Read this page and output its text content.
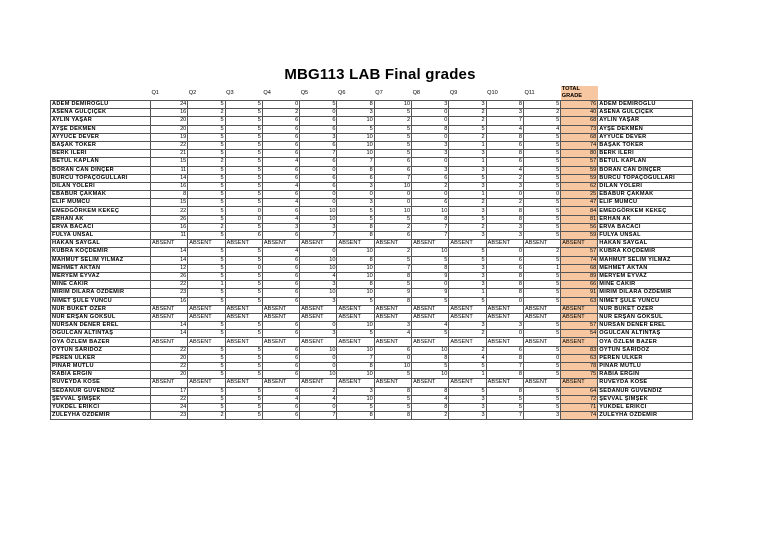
MBG113 LAB Final grades
	Q1	Q2	Q3	Q4	Q5	Q6	Q7	Q8	Q9	Q10	Q11	TOTAL GRADE	
ADEM DEMIROGLU	24	5	5	0	5	8	10	3	3	8	5	76	ADEM DEMIROGLU
ASENA GÜLÇİÇEK	16	2	5	2	0	3	5	0	2	3	2	40	ASENA GÜLÇİÇEK
AYLİN YAŞAR	20	5	5	6	6	10	2	0	2	7	5	68	AYLİN YAŞAR
AYŞE DEKMEN	20	5	5	6	6	5	5	8	5	4	4	73	AYŞE DEKMEN
AYYÜCE DEVER	19	5	5	6	3	10	5	0	2	8	5	68	AYYÜCE DEVER
BAŞAK TOKER	22	5	5	6	6	10	5	3	1	6	5	74	BAŞAK TOKER
BERK İLERİ	21	5	5	6	7	10	5	3	3	8	5	80	BERK İLERİ
BETÜL KAPLAN	15	2	5	4	6	7	6	0	1	6	5	57	BETÜL KAPLAN
BORAN CAN DİNÇER	11	5	5	6	0	8	6	3	3	4	5	59	BORAN CAN DİNÇER
BURCU TOPAÇOGULLARI	14	5	5	6	6	6	7	6	5	2	5	59	BURCU TOPAÇOGULLARI
DİLAN YOLERİ	16	5	5	4	6	3	10	2	3	3	5	62	DİLAN YOLERİ
EBABUR ÇAKMAK	8	5	5	6	0	0	0	0	1	0	0	25	EBABUR ÇAKMAK
ELİF MUMCU	15	5	5	4	0	3	0	6	2	2	5	47	ELİF MUMCU
EMEDGÖRKEM KEKEÇ	22	5	0	6	10	5	10	10	3	8	5	84	EMEDGÖRKEM KEKEÇ
ERHAN AK	26	5	0	4	10	5	5	8	5	8	5	81	ERHAN AK
ERVA BACACI	16	2	5	3	3	8	2	7	2	3	5	56	ERVA BACACI
FULYA ÜNSAL	11	5	6	6	7	8	6	7	3	3	5	59	FULYA ÜNSAL
HAKAN SAYGAL	ABSENT	ABSENT	ABSENT	ABSENT	ABSENT	ABSENT	ABSENT	ABSENT	ABSENT	ABSENT	ABSENT	ABSENT	HAKAN SAYGAL
KÜBRA KOÇDEMİR	14	5	5	4	0	10	2	10	5	0	2	57	KÜBRA KOÇDEMİR
MAHMUT SELİM YILMAZ	14	5	5	6	10	8	5	5	5	6	5	74	MAHMUT SELİM YILMAZ
MEHMET AKTAN	12	5	0	6	10	10	7	8	3	6	1	68	MEHMET AKTAN
MERYEM EYVAZ	26	5	5	6	4	10	8	9	3	8	5	89	MERYEM EYVAZ
MİNE CAKIR	22	1	5	6	3	8	5	0	3	8	5	66	MİNE CAKIR
MİRİM DİLARA ÖZDEMİR	23	5	5	6	10	10	9	9	1	8	5	91	MİRİM DİLARA ÖZDEMİR
NİMET ŞULE YUNCU	16	5	5	6	3	5	8	5	5	0	5	63	NİMET ŞULE YUNCU
NUR BUKET ÖZER	ABSENT	ABSENT	ABSENT	ABSENT	ABSENT	ABSENT	ABSENT	ABSENT	ABSENT	ABSENT	ABSENT	ABSENT	NUR BUKET ÖZER
NUR ERŞAN GÖKSUL	ABSENT	ABSENT	ABSENT	ABSENT	ABSENT	ABSENT	ABSENT	ABSENT	ABSENT	ABSENT	ABSENT	ABSENT	NUR ERŞAN GÖKSUL
NURSAN DENER EREL	14	5	5	6	0	10	3	4	3	3	5	57	NURSAN DENER EREL
OĞULCAN ALTINTAŞ	14	5	5	6	3	5	4	5	2	0	5	54	OĞULCAN ALTINTAŞ
OYA ÖZLEM BAZER	ABSENT	ABSENT	ABSENT	ABSENT	ABSENT	ABSENT	ABSENT	ABSENT	ABSENT	ABSENT	ABSENT	ABSENT	OYA ÖZLEM BAZER
OYTUN SARIDOZ	22	5	5	6	10	10	6	10	2	6	5	83	OYTUN SARIDOZ
PEREN ÜLKER	20	5	5	6	0	7	0	8	4	8	0	63	PEREN ÜLKER
PINAR MUTLU	22	5	5	6	0	8	10	5	5	7	5	78	PINAR MUTLU
RABİA ERGİN	20	5	5	6	10	10	5	10	1	8	5	75	RABİA ERGİN
RÜVEYDA KÖSE	ABSENT	ABSENT	ABSENT	ABSENT	ABSENT	ABSENT	ABSENT	ABSENT	ABSENT	ABSENT	ABSENT	ABSENT	RÜVEYDA KÖSE
SEDANUR GÜVENDİZ	17	5	5	6	2	3	8	8	5	8	5	64	SEDANUR GÜVENDİZ
ŞEVVAL ŞİMŞEK	22	5	5	4	4	10	5	4	3	5	5	72	ŞEVVAL ŞİMŞEK
YÜKDEL ERİKCİ	24	5	5	6	0	5	5	8	3	5	5	71	YÜKDEL ERİKCİ
ZÜLEYHA ÖZDEMİR	23	2	5	6	7	8	8	2	3	7	3	74	ZÜLEYHA ÖZDEMİR
